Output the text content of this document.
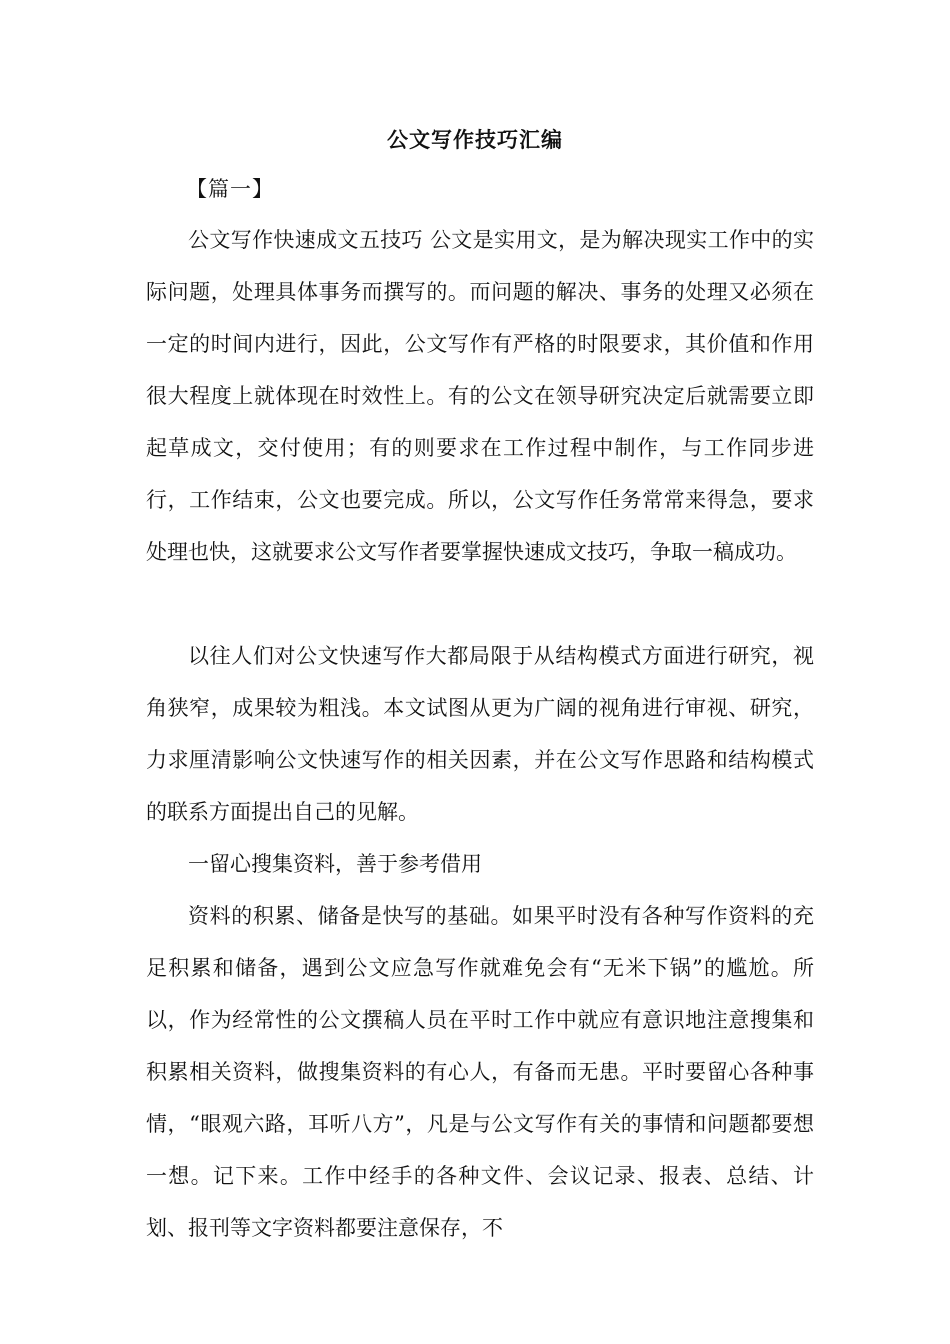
公文写作技巧汇编

【篇一】

公文写作快速成文五技巧 公文是实用文，是为解决现实工作中的实际问题，处理具体事务而撰写的。而问题的解决、事务的处理又必须在一定的时间内进行，因此，公文写作有严格的时限要求，其价值和作用很大程度上就体现在时效性上。有的公文在领导研究决定后就需要立即起草成文，交付使用；有的则要求在工作过程中制作，与工作同步进行，工作结束，公文也要完成。所以，公文写作任务常常来得急，要求处理也快，这就要求公文写作者要掌握快速成文技巧，争取一稿成功。

以往人们对公文快速写作大都局限于从结构模式方面进行研究，视角狭窄，成果较为粗浅。本文试图从更为广阔的视角进行审视、研究，力求厘清影响公文快速写作的相关因素，并在公文写作思路和结构模式的联系方面提出自己的见解。

一留心搜集资料，善于参考借用

资料的积累、储备是快写的基础。如果平时没有各种写作资料的充足积累和储备，遇到公文应急写作就难免会有“无米下锅”的尴尬。所以，作为经常性的公文撰稿人员在平时工作中就应有意识地注意搜集和积累相关资料，做搜集资料的有心人，有备而无患。平时要留心各种事情，“眼观六路，耳听八方”，凡是与公文写作有关的事情和问题都要想一想。记下来。工作中经手的各种文件、会议记录、报表、总结、计划、报刊等文字资料都要注意保存，不
